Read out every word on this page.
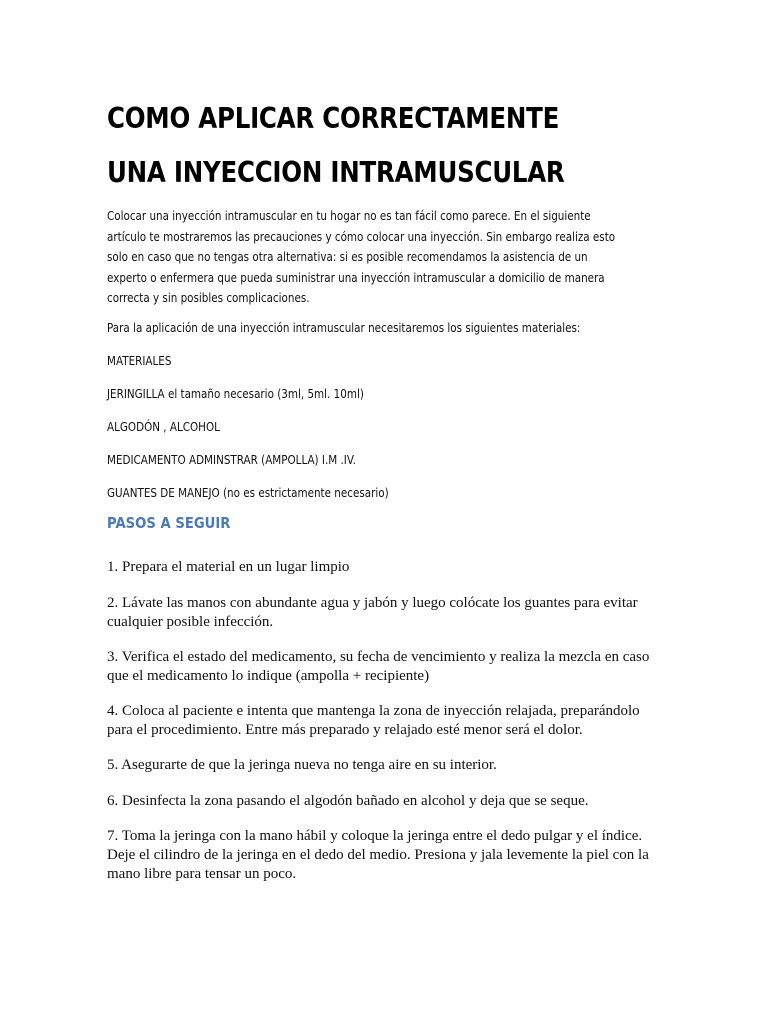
COMO APLICAR CORRECTAMENTE
UNA INYECCION INTRAMUSCULAR

Colocar una inyección intramuscular en tu hogar no es tan fácil como parece. En el siguiente
artículo te mostraremos las precauciones y cómo colocar una inyección. Sin embargo realiza esto
solo en caso que no tengas otra alternativa: si es posible recomendamos la asistencia de un
experto o enfermera que pueda suministrar una inyección intramuscular a domicilio de manera
correcta y sin posibles complicaciones.

Para la aplicación de una inyección intramuscular necesitaremos los siguientes materiales:

MATERIALES

JERINGILLA el tamaño necesario (3ml, 5ml. 10ml)

ALGODÓN , ALCOHOL

MEDICAMENTO ADMINSTRAR (AMPOLLA) I.M .IV.

GUANTES DE MANEJO (no es estrictamente necesario)

PASOS A SEGUIR

1. Prepara el material en un lugar limpio

2. Lávate las manos con abundante agua y jabón y luego colócate los guantes para evitar
cualquier posible infección.

3. Verifica el estado del medicamento, su fecha de vencimiento y realiza la mezcla en caso
que el medicamento lo indique (ampolla + recipiente)

4. Coloca al paciente e intenta que mantenga la zona de inyección relajada, preparándolo
para el procedimiento. Entre más preparado y relajado esté menor será el dolor.

5. Asegurarte de que la jeringa nueva no tenga aire en su interior.

6. Desinfecta la zona pasando el algodón bañado en alcohol y deja que se seque.

7. Toma la jeringa con la mano hábil y coloque la jeringa entre el dedo pulgar y el índice.
Deje el cilindro de la jeringa en el dedo del medio. Presiona y jala levemente la piel con la
mano libre para tensar un poco.
